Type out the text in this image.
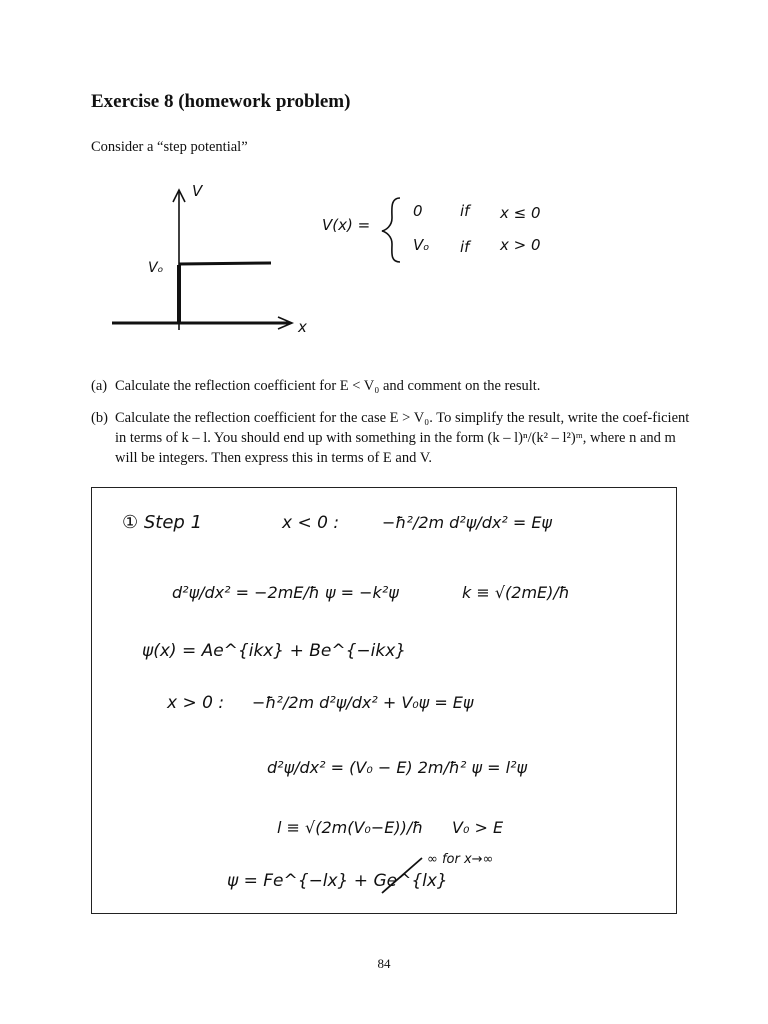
Exercise 8 (homework problem)
Consider a “step potential”
V
x
Vₒ
V(x) =
0 if x ≤ 0
Vₒ if x > 0
(a) Calculate the reflection coefficient for E < V₀ and comment on the result.
(b) Calculate the reflection coefficient for the case E > V₀. To simplify the result, write the coef-ficient in terms of k – l. You should end up with something in the form (k – l)ⁿ/(k² – l²)ᵐ, where n and m will be integers. Then express this in terms of E and V.
① Step 1	x < 0 :	−ħ²/2m d²ψ/dx² = Eψ
d²ψ/dx² = −2mE/ħ ψ = −k²ψ	k ≡ √(2mE)/ħ
ψ(x) = Ae^{ikx} + Be^{−ikx}
x > 0 : −ħ²/2m d²ψ/dx² + V₀ψ = Eψ
d²ψ/dx² = (V₀ − E) 2m/ħ² ψ = l²ψ
l ≡ √(2m(V₀−E))/ħ V₀ > E
ψ = Fe^{−lx} + Ge^{lx}
∞ for x→∞
84
